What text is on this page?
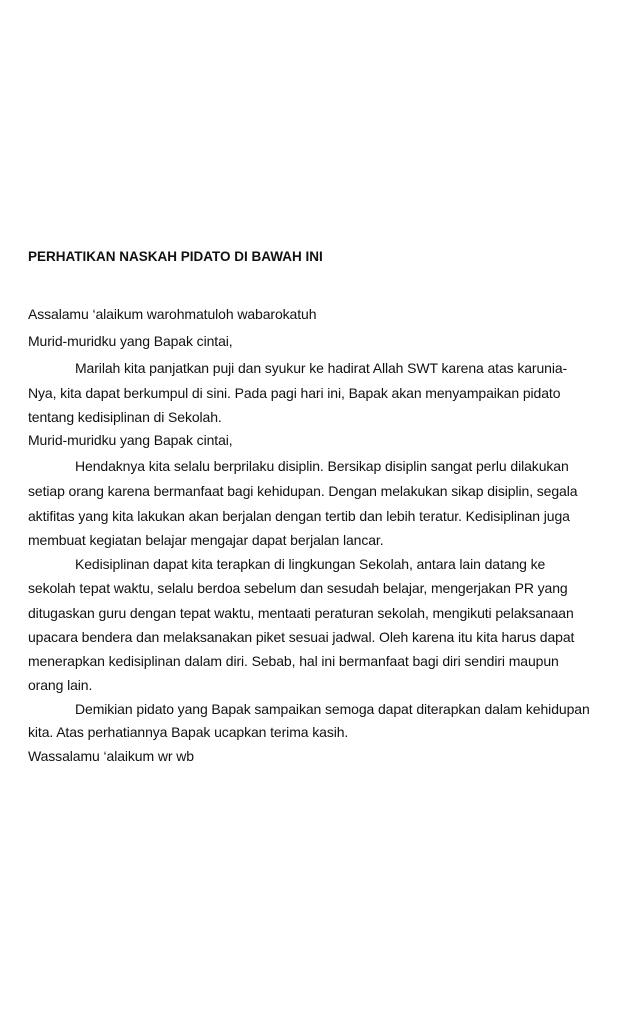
PERHATIKAN NASKAH PIDATO DI BAWAH INI
Assalamu ‘alaikum warohmatuloh wabarokatuh
Murid-muridku yang Bapak cintai,
Marilah kita panjatkan puji dan syukur ke hadirat Allah SWT karena atas karunia-
Nya, kita dapat berkumpul di sini. Pada pagi hari ini, Bapak akan menyampaikan pidato
tentang kedisiplinan di Sekolah.
Murid-muridku yang Bapak cintai,
Hendaknya kita selalu berprilaku disiplin. Bersikap disiplin sangat perlu dilakukan
setiap orang karena bermanfaat bagi kehidupan. Dengan melakukan sikap disiplin, segala
aktifitas yang kita lakukan akan berjalan dengan tertib dan lebih teratur. Kedisiplinan juga
membuat kegiatan belajar mengajar dapat berjalan lancar.
Kedisiplinan dapat kita terapkan di lingkungan Sekolah, antara lain datang ke
sekolah tepat waktu, selalu berdoa sebelum dan sesudah belajar, mengerjakan PR yang
ditugaskan guru dengan tepat waktu, mentaati peraturan sekolah, mengikuti pelaksanaan
upacara bendera dan melaksanakan piket sesuai jadwal. Oleh karena itu kita harus dapat
menerapkan kedisiplinan dalam diri. Sebab, hal ini bermanfaat bagi diri sendiri maupun
orang lain.
Demikian pidato yang Bapak sampaikan semoga dapat diterapkan dalam kehidupan
kita. Atas perhatiannya Bapak ucapkan terima kasih.
Wassalamu ‘alaikum wr wb
